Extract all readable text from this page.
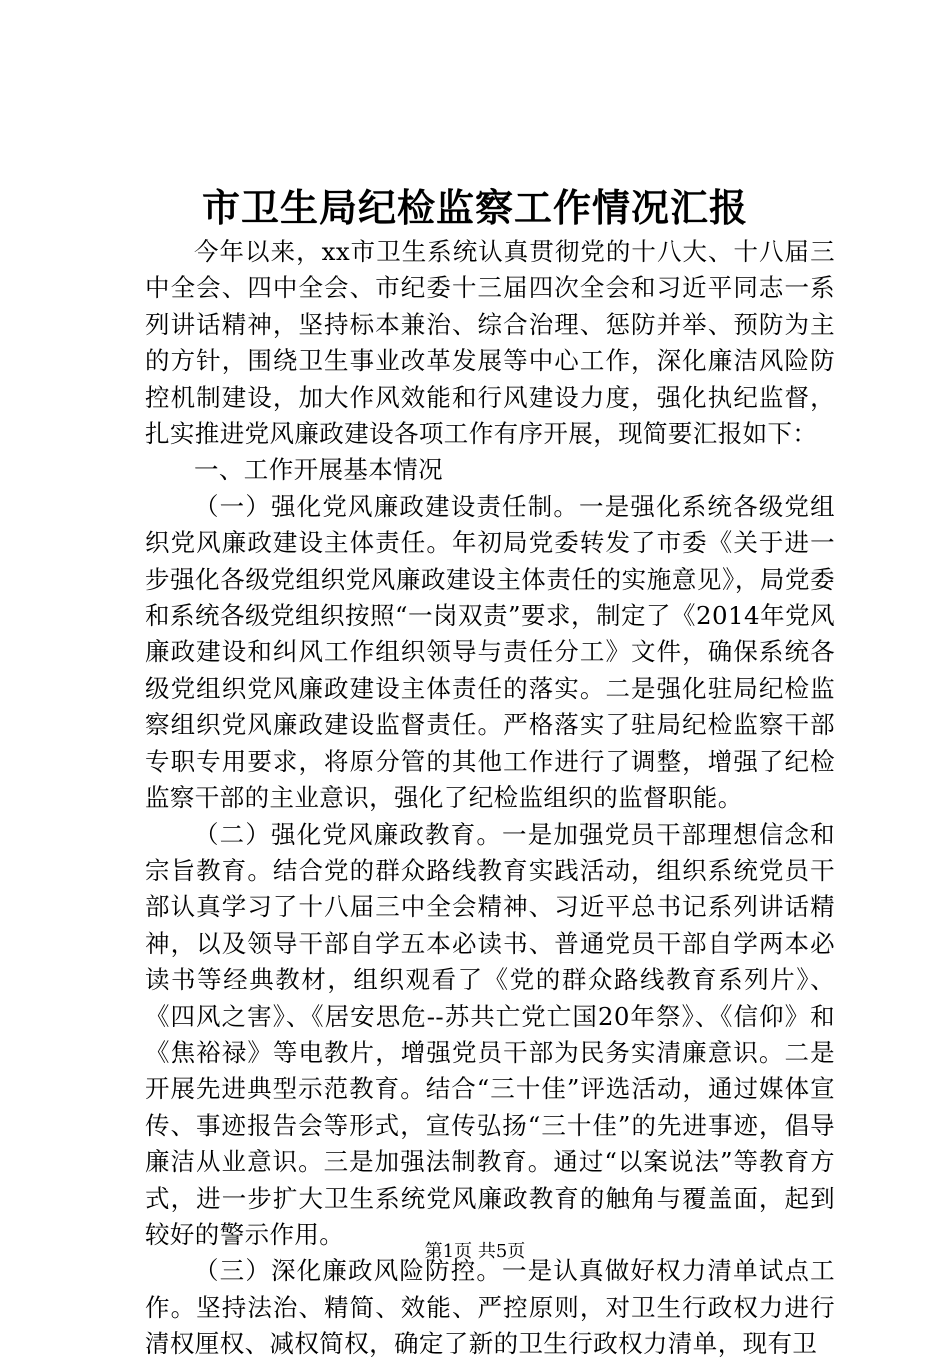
市卫生局纪检监察工作情况汇报

今年以来，xx市卫生系统认真贯彻党的十八大、十八届三中全会、四中全会、市纪委十三届四次全会和习近平同志一系列讲话精神，坚持标本兼治、综合治理、惩防并举、预防为主的方针，围绕卫生事业改革发展等中心工作，深化廉洁风险防控机制建设，加大作风效能和行风建设力度，强化执纪监督，扎实推进党风廉政建设各项工作有序开展，现简要汇报如下：

一、工作开展基本情况

（一）强化党风廉政建设责任制。一是强化系统各级党组织党风廉政建设主体责任。年初局党委转发了市委《关于进一步强化各级党组织党风廉政建设主体责任的实施意见》，局党委和系统各级党组织按照“一岗双责”要求，制定了《2014年党风廉政建设和纠风工作组织领导与责任分工》文件，确保系统各级党组织党风廉政建设主体责任的落实。二是强化驻局纪检监察组织党风廉政建设监督责任。严格落实了驻局纪检监察干部专职专用要求，将原分管的其他工作进行了调整，增强了纪检监察干部的主业意识，强化了纪检监组织的监督职能。

（二）强化党风廉政教育。一是加强党员干部理想信念和宗旨教育。结合党的群众路线教育实践活动，组织系统党员干部认真学习了十八届三中全会精神、习近平总书记系列讲话精神，以及领导干部自学五本必读书、普通党员干部自学两本必读书等经典教材，组织观看了《党的群众路线教育系列片》、《四风之害》、《居安思危--苏共亡党亡国20年祭》、《信仰》和《焦裕禄》等电教片，增强党员干部为民务实清廉意识。二是开展先进典型示范教育。结合“三十佳”评选活动，通过媒体宣传、事迹报告会等形式，宣传弘扬“三十佳”的先进事迹，倡导廉洁从业意识。三是加强法制教育。通过“以案说法”等教育方式，进一步扩大卫生系统党风廉政教育的触角与覆盖面，起到较好的警示作用。

（三）深化廉政风险防控。一是认真做好权力清单试点工作。坚持法治、精简、效能、严控原则，对卫生行政权力进行清权厘权、减权简权，确定了新的卫生行政权力清单，现有卫

第1页 共5页
